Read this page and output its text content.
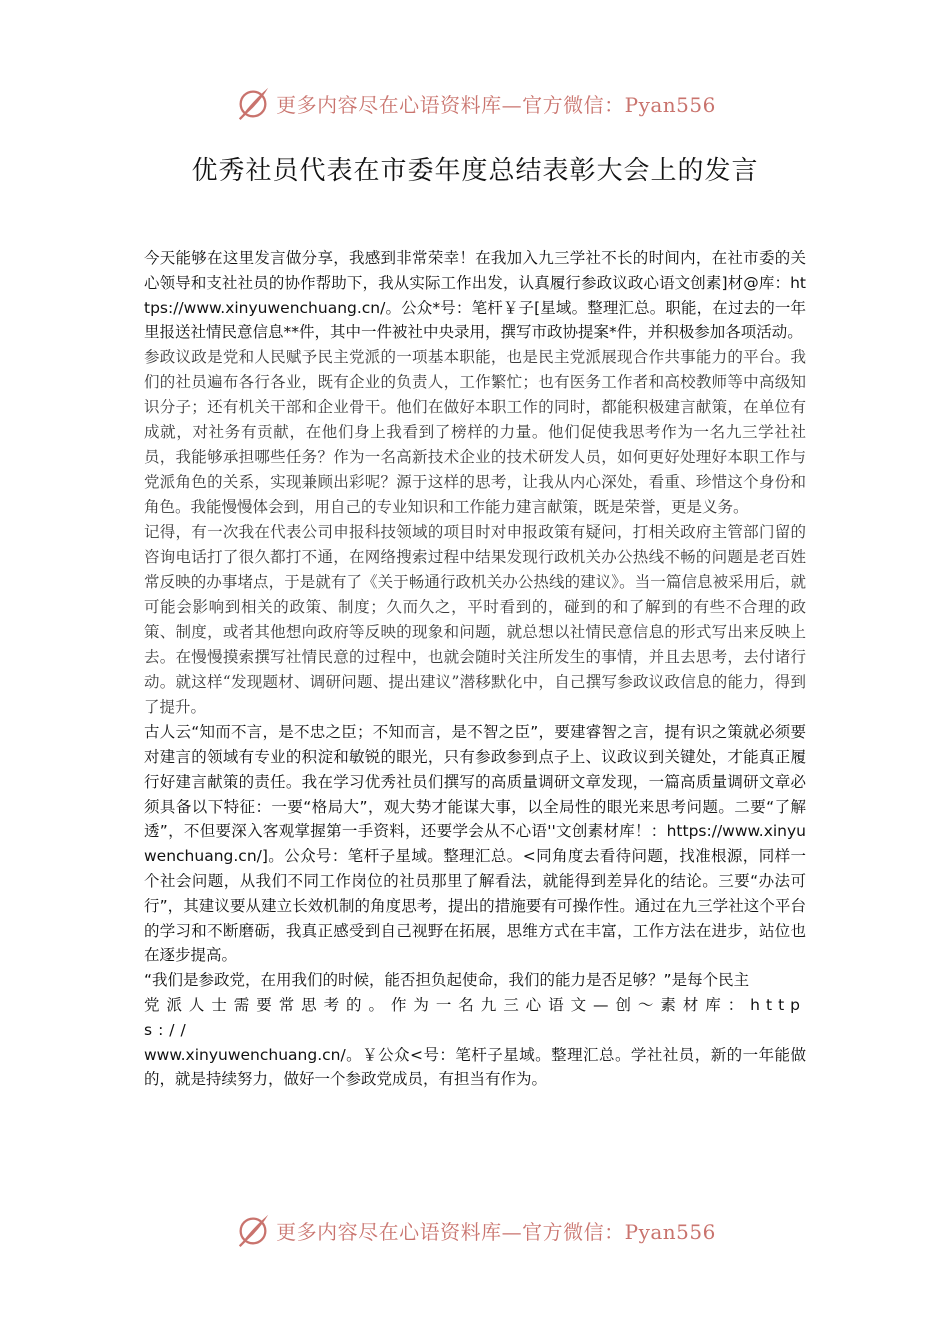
更多内容尽在心语资料库—官方微信：Pyan556
优秀社员代表在市委年度总结表彰大会上的发言

今天能够在这里发言做分享，我感到非常荣幸！在我加入九三学社不长的时间内，在社市委的关心领导和支社社员的协作帮助下，我从实际工作出发，认真履行参政议政心语文创素]材@库：https://www.xinyuwenchuang.cn/。公众*号：笔杆￥子[星域。整理汇总。职能，在过去的一年里报送社情民意信息**件，其中一件被社中央录用，撰写市政协提案*件，并积极参加各项活动。

参政议政是党和人民赋予民主党派的一项基本职能，也是民主党派展现合作共事能力的平台。我们的社员遍布各行各业，既有企业的负责人，工作繁忙；也有医务工作者和高校教师等中高级知识分子；还有机关干部和企业骨干。他们在做好本职工作的同时，都能积极建言献策，在单位有成就，对社务有贡献，在他们身上我看到了榜样的力量。他们促使我思考作为一名九三学社社员，我能够承担哪些任务？作为一名高新技术企业的技术研发人员，如何更好处理好本职工作与党派角色的关系，实现兼顾出彩呢？源于这样的思考，让我从内心深处，看重、珍惜这个身份和角色。我能慢慢体会到，用自己的专业知识和工作能力建言献策，既是荣誉，更是义务。

记得，有一次我在代表公司申报科技领域的项目时对申报政策有疑问，打相关政府主管部门留的咨询电话打了很久都打不通，在网络搜索过程中结果发现行政机关办公热线不畅的问题是老百姓常反映的办事堵点，于是就有了《关于畅通行政机关办公热线的建议》。当一篇信息被采用后，就可能会影响到相关的政策、制度；久而久之，平时看到的，碰到的和了解到的有些不合理的政策、制度，或者其他想向政府等反映的现象和问题，就总想以社情民意信息的形式写出来反映上去。在慢慢摸索撰写社情民意的过程中，也就会随时关注所发生的事情，并且去思考，去付诸行动。就这样“发现题材、调研问题、提出建议”潜移默化中，自己撰写参政议政信息的能力，得到了提升。

古人云“知而不言，是不忠之臣；不知而言，是不智之臣”，要建睿智之言，提有识之策就必须要对建言的领域有专业的积淀和敏锐的眼光，只有参政参到点子上、议政议到关键处，才能真正履行好建言献策的责任。我在学习优秀社员们撰写的高质量调研文章发现，一篇高质量调研文章必须具备以下特征：一要“格局大”，观大势才能谋大事，以全局性的眼光来思考问题。二要“了解透”，不但要深入客观掌握第一手资料，还要学会从不心语''文创素材库！：https://www.xinyuwenchuang.cn/]。公众号：笔杆子星域。整理汇总。<同角度去看待问题，找准根源，同样一个社会问题，从我们不同工作岗位的社员那里了解看法，就能得到差异化的结论。三要“办法可行”，其建议要从建立长效机制的角度思考，提出的措施要有可操作性。通过在九三学社这个平台的学习和不断磨砺，我真正感受到自己视野在拓展，思维方式在丰富，工作方法在进步，站位也在逐步提高。

“我们是参政党，在用我们的时候，能否担负起使命，我们的能力是否足够？”是每个民主
党派人士需要常思考的。作为一名九三心语文—创～素材库：https://
www.xinyuwenchuang.cn/。￥公众<号：笔杆子星域。整理汇总。学社社员，新的一年能做的，就是持续努力，做好一个参政党成员，有担当有作为。
更多内容尽在心语资料库—官方微信：Pyan556
